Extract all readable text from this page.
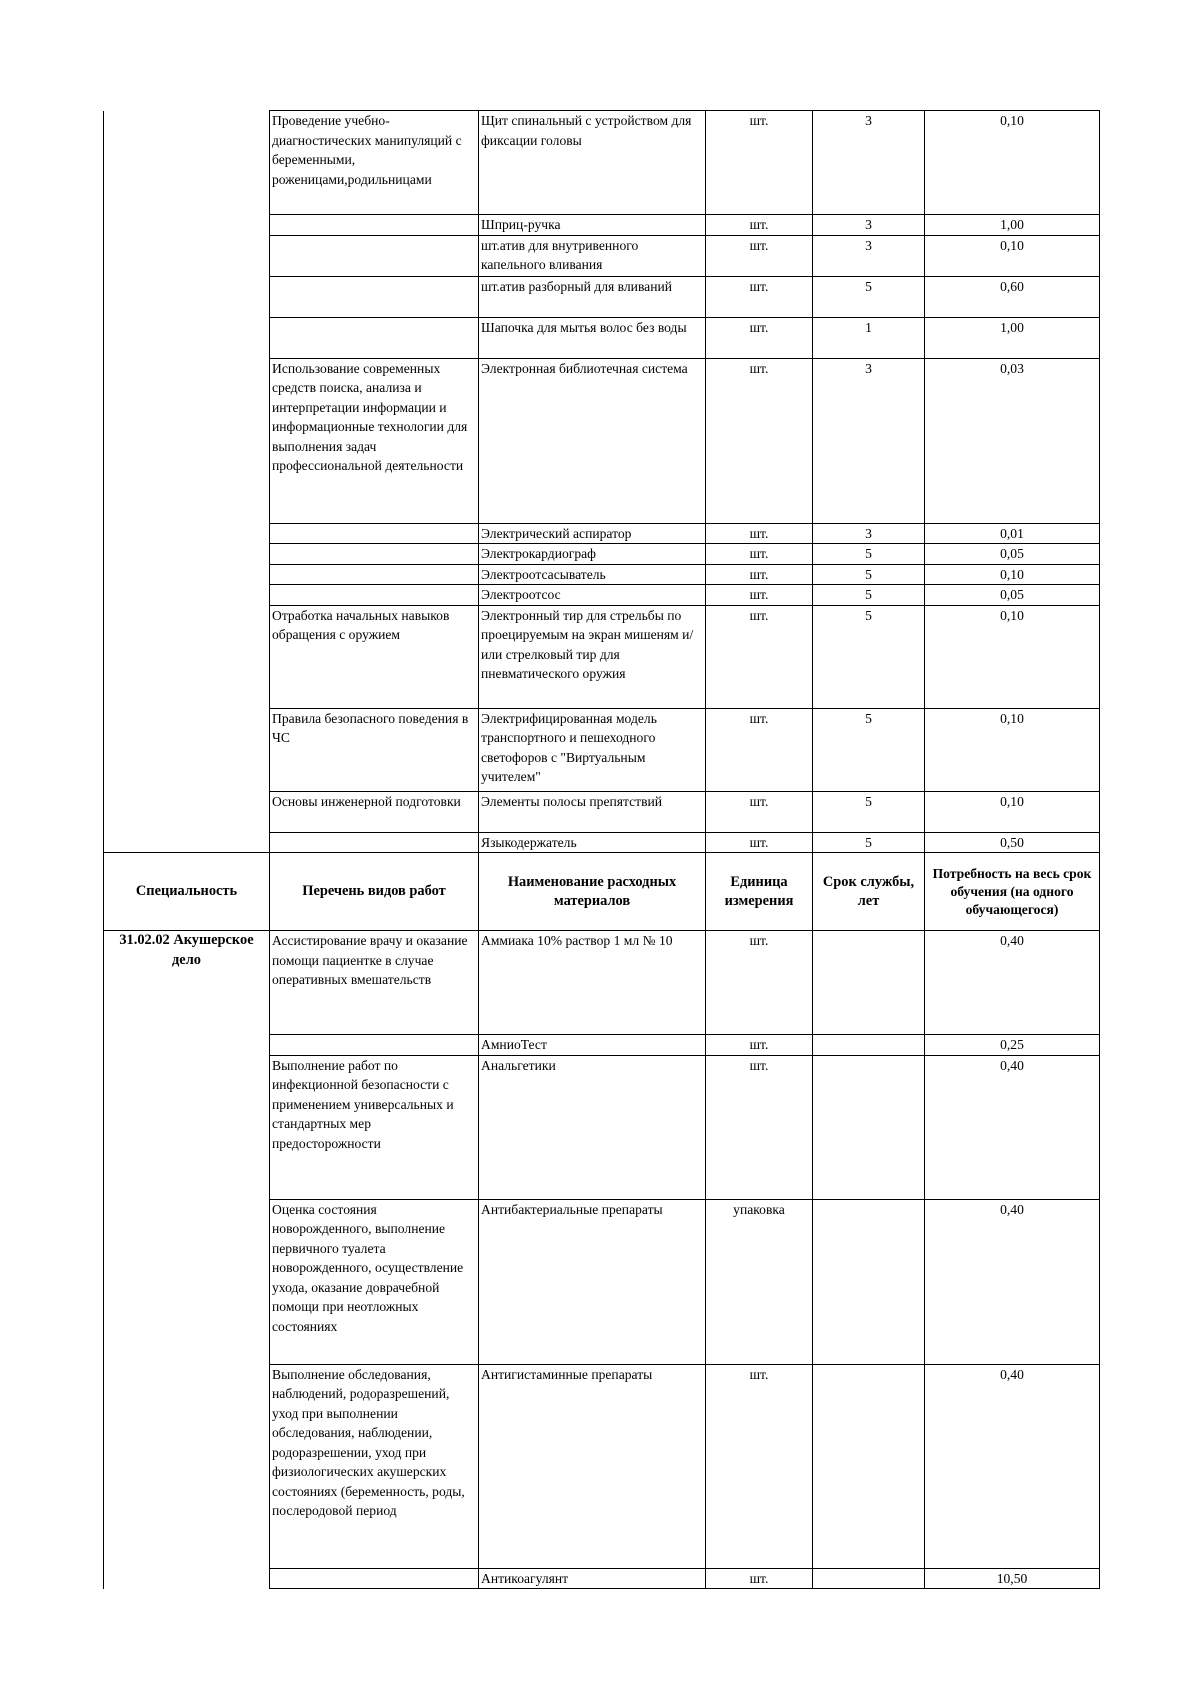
	Проведение учебно-диагностических манипуляций с беременными, роженицами,родильницами	Щит спинальный с устройством для фиксации головы	шт.	3	0,10
		Шприц-ручка	шт.	3	1,00
		шт.атив для внутривенного капельного вливания	шт.	3	0,10
		шт.атив разборный для вливаний	шт.	5	0,60
		Шапочка для мытья волос без воды	шт.	1	1,00
	Использование современных средств поиска, анализа и интерпретации информации и информационные технологии для выполнения задач профессиональной деятельности	Электронная библиотечная система	шт.	3	0,03
		Электрический аспиратор	шт.	3	0,01
		Электрокардиограф	шт.	5	0,05
		Электроотсасыватель	шт.	5	0,10
		Электроотсос	шт.	5	0,05
	Отработка начальных навыков обращения с оружием	Электронный тир для стрельбы по проецируемым на экран мишеням и/или стрелковый тир для пневматического оружия	шт.	5	0,10
	Правила безопасного поведения в ЧС	Электрифицированная модель транспортного и пешеходного светофоров с "Виртуальным учителем"	шт.	5	0,10
	Основы инженерной подготовки	Элементы полосы препятствий	шт.	5	0,10
		Языкодержатель	шт.	5	0,50
Специальность	Перечень видов работ	Наименование расходных материалов	Единица измерения	Срок службы, лет	Потребность на весь срок обучения (на одного обучающегося)
31.02.02 Акушерское дело	Ассистирование врачу и оказание помощи пациентке в случае оперативных вмешательств	Аммиака 10% раствор 1 мл № 10	шт.		0,40
		АмниоТест	шт.		0,25
	Выполнение работ по инфекционной безопасности с применением универсальных и стандартных мер предосторожности	Анальгетики	шт.		0,40
	Оценка состояния новорожденного, выполнение первичного туалета новорожденного, осуществление ухода, оказание доврачебной помощи при неотложных состояниях	Антибактериальные препараты	упаковка		0,40
	Выполнение обследования, наблюдений, родоразрешений, уход при выполнении обследования, наблюдении, родоразрешении, уход при физиологических акушерских состояниях (беременность, роды, послеродовой период	Антигистаминные препараты	шт.		0,40
		Антикоагулянт	шт.		10,50
